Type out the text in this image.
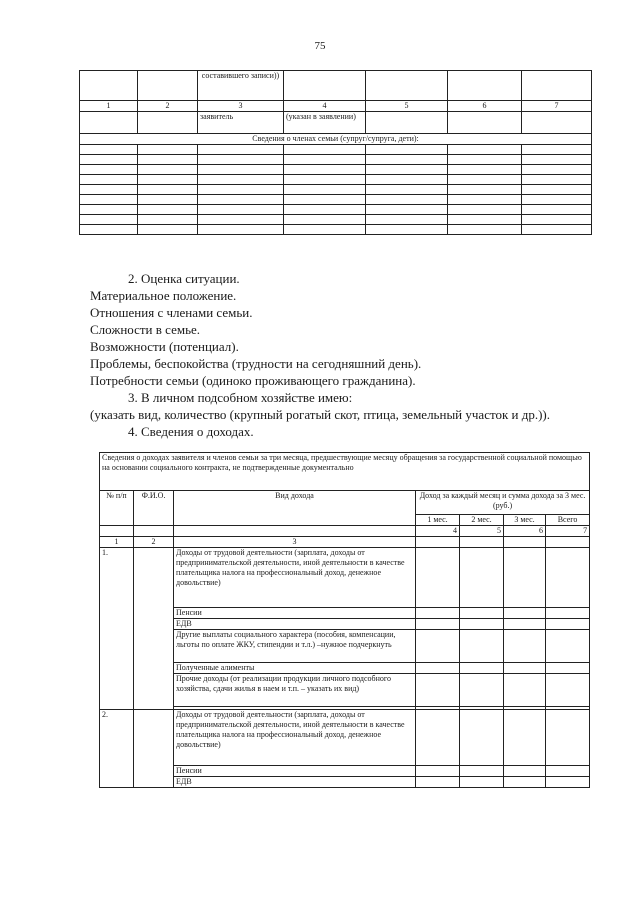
75
		составившего записи))				
1	2	3	4	5	6	7
		заявитель	(указан в заявлении)			
Сведения о членах семьи (супруг/супруга, дети):						

2. Оценка ситуации.

Материальное положение.

Отношения с членами семьи.

Сложности в семье.

Возможности (потенциал).

Проблемы, беспокойства (трудности на сегодняшний день).

Потребности семьи (одиноко проживающего гражданина).

3. В личном подсобном хозяйстве имею:

(указать вид, количество (крупный рогатый скот, птица, земельный участок и др.)).

4. Сведения о доходах.

Сведения о доходах заявителя и членов семьи за три месяца, предшествующие месяцу обращения за государственной социальной помощью на основании социального контракта, не подтвержденные документально						
№ п/п	Ф.И.О.	Вид дохода	Доход за каждый месяц и сумма дохода за 3 мес. (руб.)			
			1 мес.	2 мес.	3 мес.	Всего
			4	5	6	7
1	2	3				
1.		Доходы от трудовой деятельности (зарплата, доходы от предпринимательской деятельности, иной деятельности в качестве плательщика налога на профессиональный доход, денежное довольствие)				
		Пенсии				
		ЕДВ				
		Другие выплаты социального характера (пособия, компенсации, льготы по оплате ЖКУ, стипендии и т.л.) –нужное подчеркнуть				
		Полученные алименты				
		Прочие доходы (от реализации продукции личного подсобного хозяйства, сдачи жилья в наем и т.п. – указать их вид)				

2.		Доходы от трудовой деятельности (зарплата, доходы от предпринимательской деятельности, иной деятельности в качестве плательщика налога на профессиональный доход, денежное довольствие)				
		Пенсии				
		ЕДВ				
